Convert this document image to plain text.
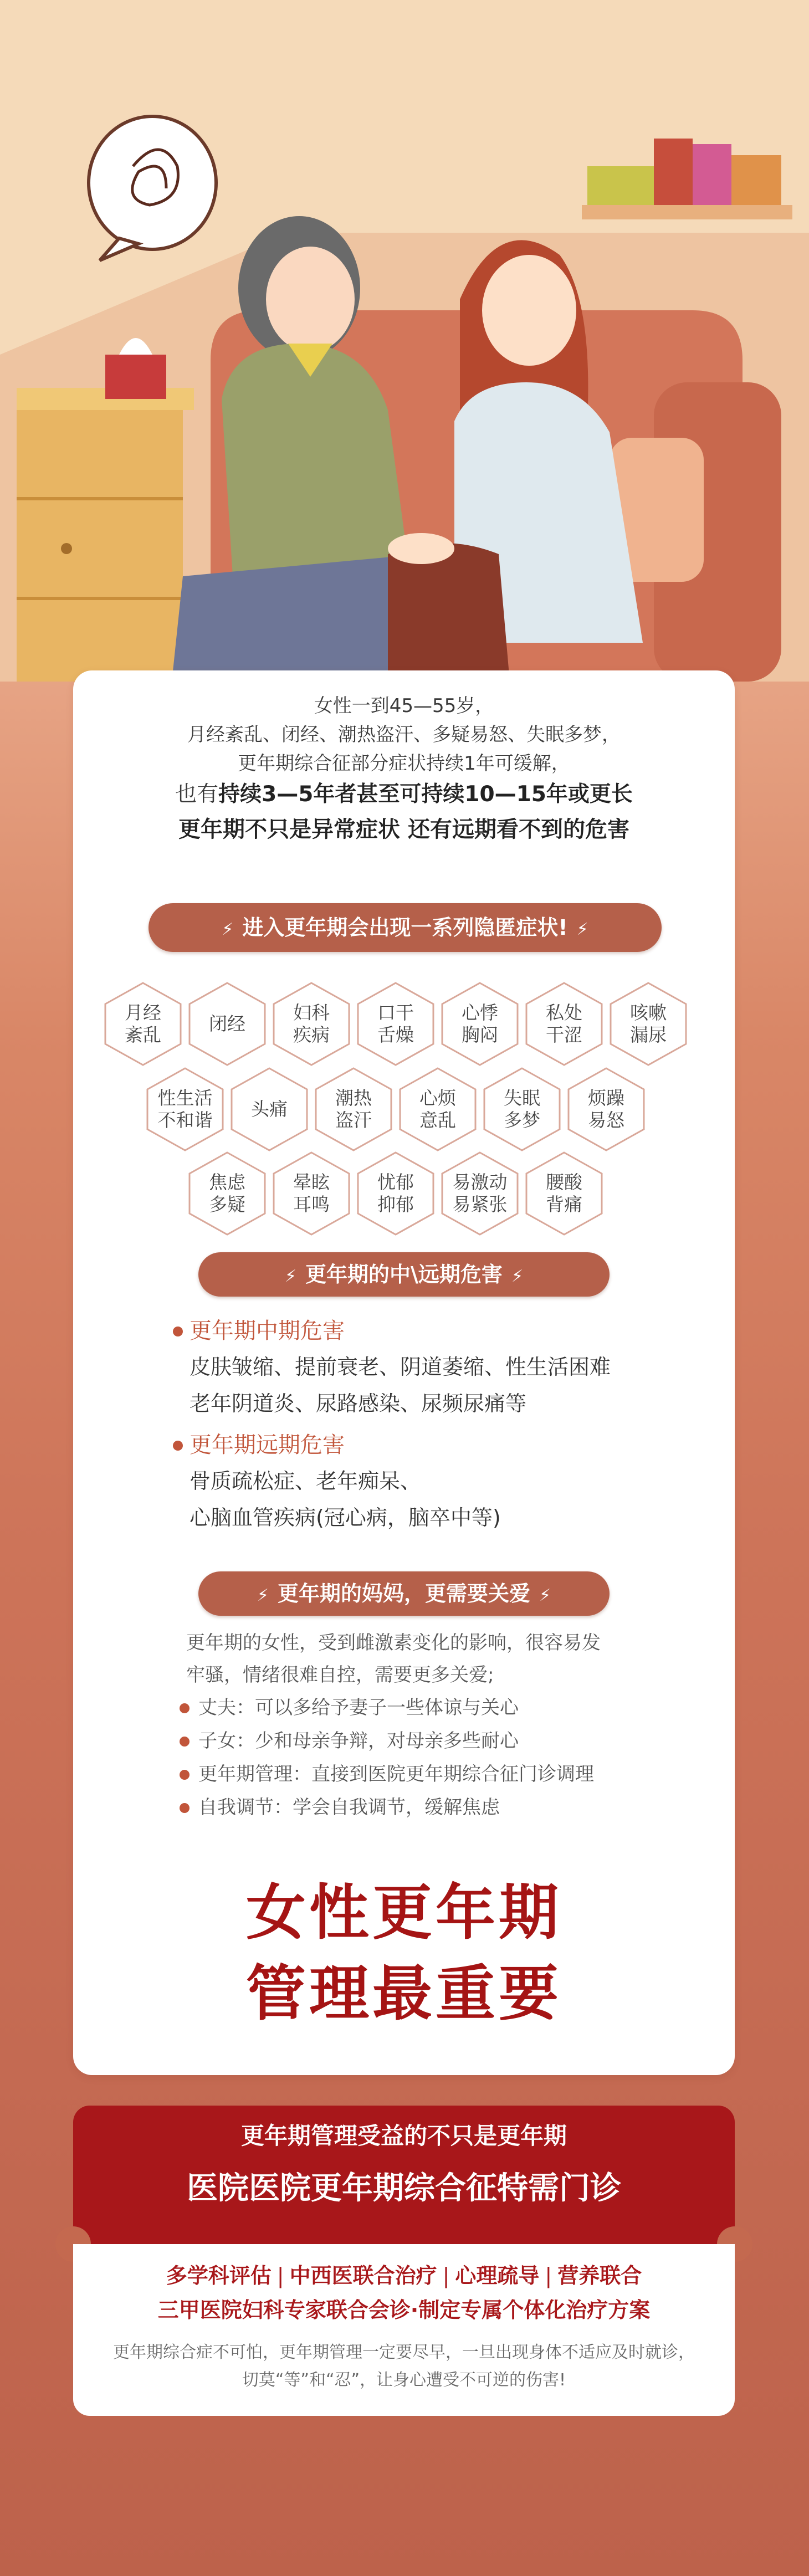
女性一到45—55岁，
月经紊乱、闭经、潮热盗汗、多疑易怒、失眠多梦，
更年期综合征部分症状持续1年可缓解，
也有持续3—5年者甚至可持续10—15年或更长
更年期不只是异常症状 还有远期看不到的危害
⚡ 进入更年期会出现一系列隐匿症状! ⚡
月经
紊乱
闭经
妇科
疾病
口干
舌燥
心悸
胸闷
私处
干涩
咳嗽
漏尿
性生活
不和谐
头痛
潮热
盗汗
心烦
意乱
失眠
多梦
烦躁
易怒
焦虑
多疑
晕眩
耳鸣
忧郁
抑郁
易激动
易紧张
腰酸
背痛
⚡ 更年期的中\远期危害 ⚡
更年期中期危害
皮肤皱缩、提前衰老、阴道萎缩、性生活困难
老年阴道炎、尿路感染、尿频尿痛等
更年期远期危害
骨质疏松症、老年痴呆、
心脑血管疾病(冠心病，脑卒中等)
⚡ 更年期的妈妈，更需要关爱 ⚡
更年期的女性，受到雌激素变化的影响，很容易发
牢骚，情绪很难自控，需要更多关爱;
丈夫：可以多给予妻子一些体谅与关心
子女：少和母亲争辩，对母亲多些耐心
更年期管理：直接到医院更年期综合征门诊调理
自我调节：学会自我调节，缓解焦虑
女性更年期
管理最重要
更年期管理受益的不只是更年期
医院医院更年期综合征特需门诊
多学科评估 | 中西医联合治疗 | 心理疏导 | 营养联合
三甲医院妇科专家联合会诊·制定专属个体化治疗方案
更年期综合症不可怕，更年期管理一定要尽早，一旦出现身体不适应及时就诊，
切莫“等”和“忍”，让身心遭受不可逆的伤害!
